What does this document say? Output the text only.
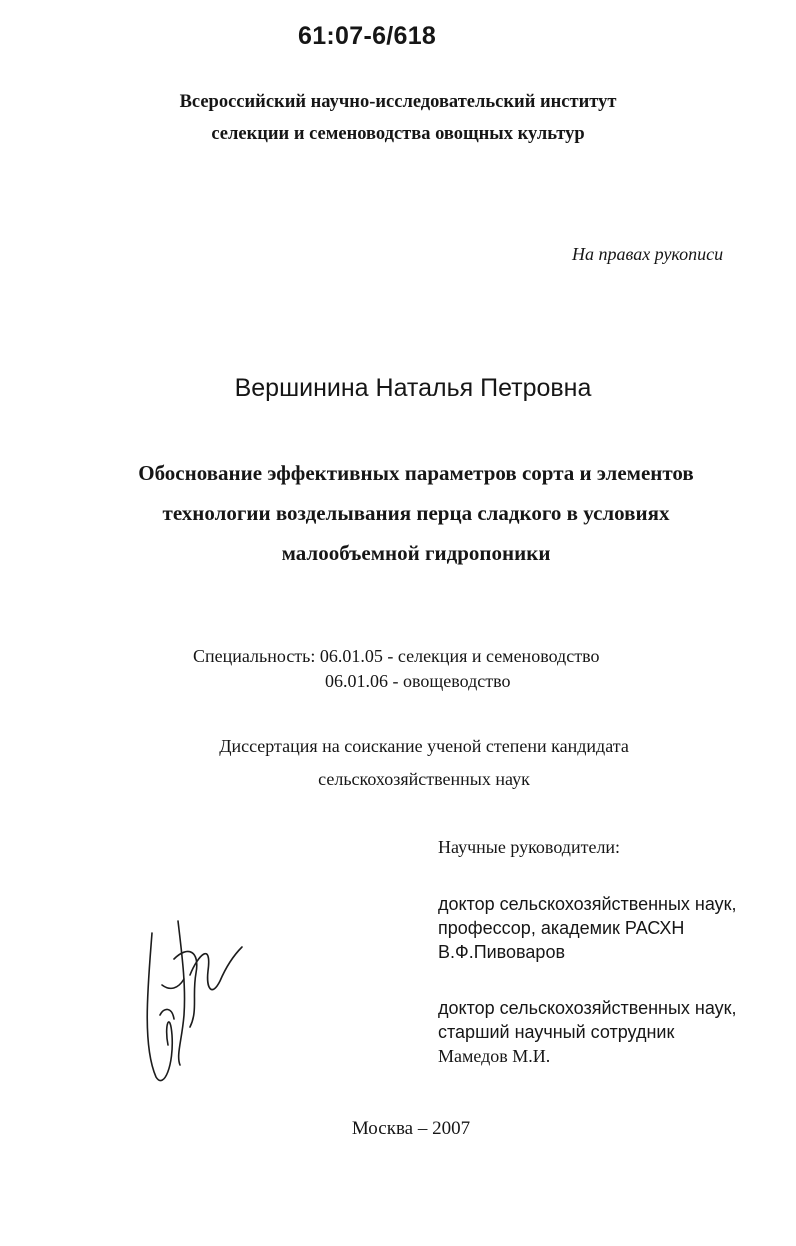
61:07-6/618
Всероссийский научно-исследовательский институт
селекции и семеноводства овощных культур
На правах рукописи
Вершинина Наталья Петровна
Обоснование эффективных параметров сорта и элементов
технологии возделывания перца сладкого в условиях
малообъемной гидропоники
Специальность: 06.01.05 - селекция и семеноводство
06.01.06 - овощеводство
Диссертация на соискание ученой степени кандидата
сельскохозяйственных наук
Научные руководители:
доктор сельскохозяйственных наук,
профессор, академик РАСХН
В.Ф.Пивоваров
доктор сельскохозяйственных наук,
старший научный сотрудник
Мамедов М.И.
Москва – 2007
